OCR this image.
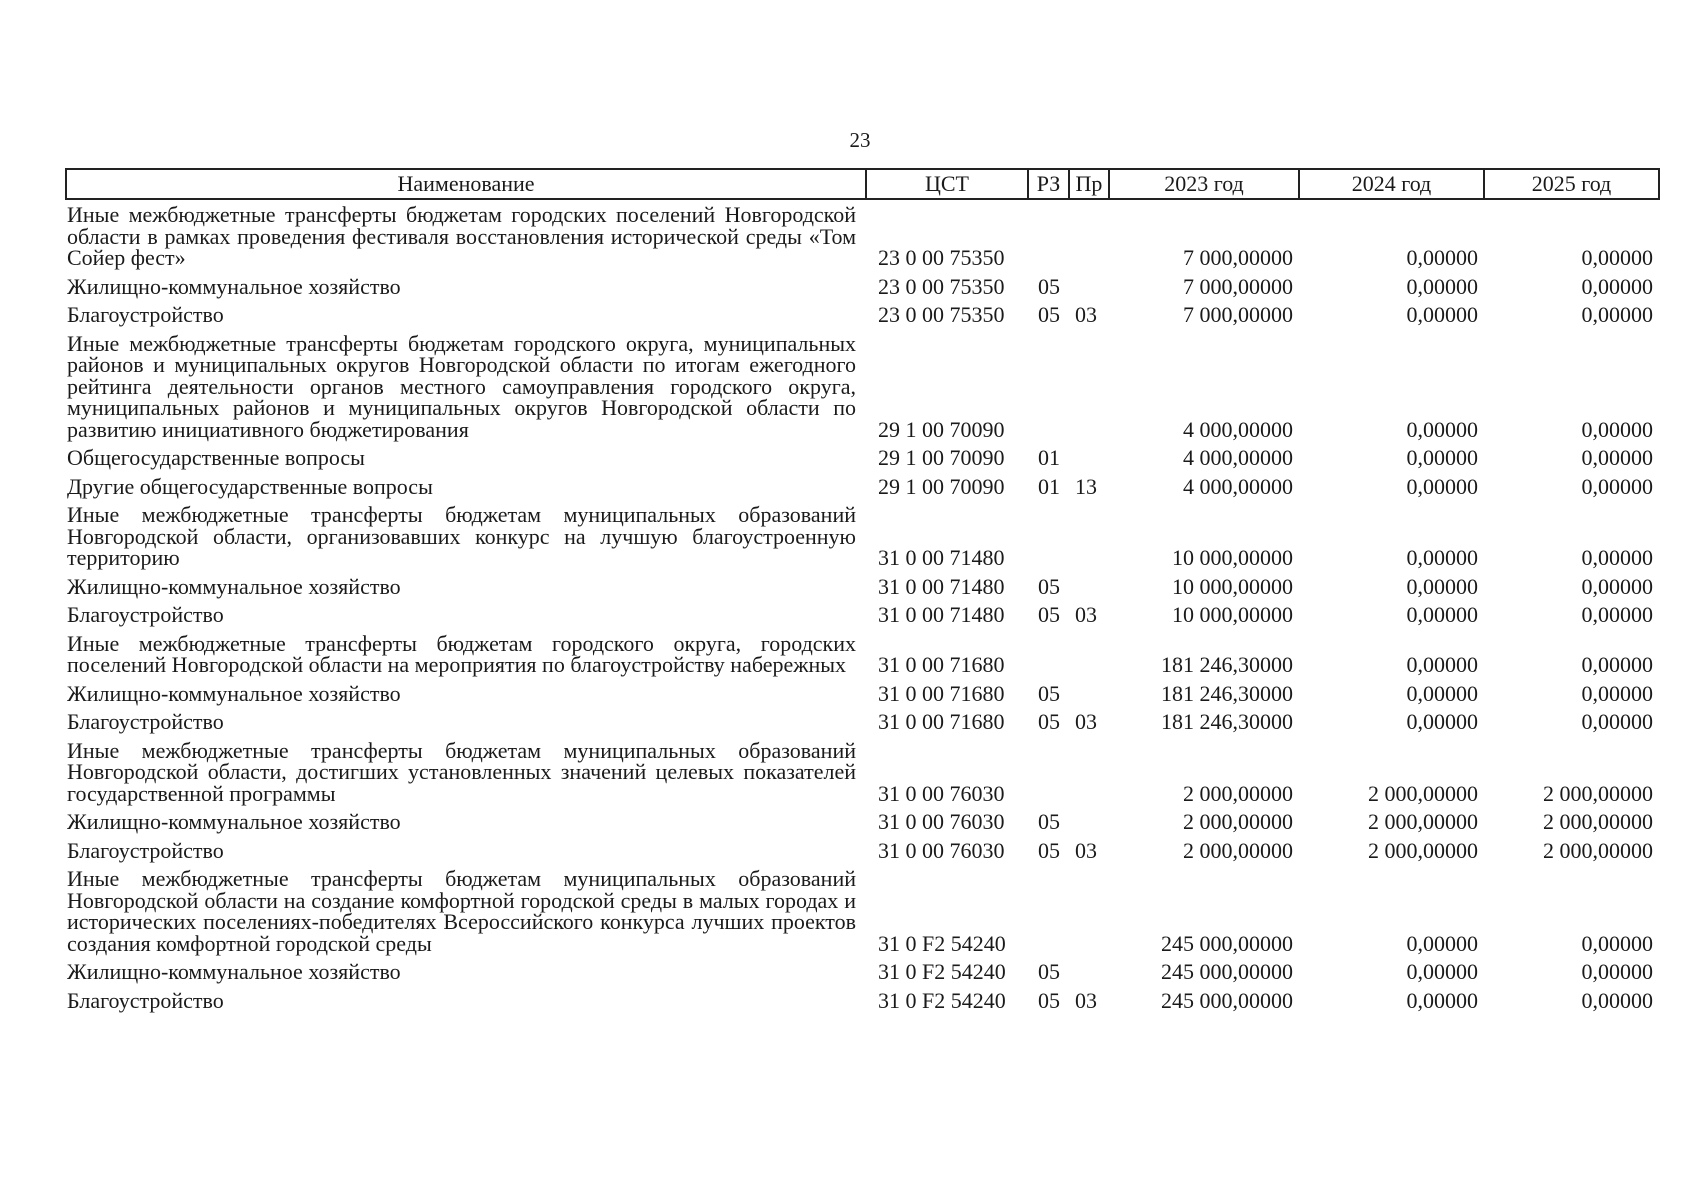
23
Наименование	ЦСТ	РЗ	Пр	2023 год	2024 год	2025 год
Иные межбюджетные трансферты бюджетам городских поселений Новгородской области в рамках проведения фестиваля восстановления исторической среды «Том Сойер фест»	23 0 00 75350			7 000,00000	0,00000	0,00000
Жилищно-коммунальное хозяйство	23 0 00 75350	05		7 000,00000	0,00000	0,00000
Благоустройство	23 0 00 75350	05	03	7 000,00000	0,00000	0,00000
Иные межбюджетные трансферты бюджетам городского округа, муниципальных районов и муниципальных округов Новгородской области по итогам ежегодного рейтинга деятельности органов местного самоуправления городского округа, муниципальных районов и муниципальных округов Новгородской области по развитию инициативного бюджетирования	29 1 00 70090			4 000,00000	0,00000	0,00000
Общегосударственные вопросы	29 1 00 70090	01		4 000,00000	0,00000	0,00000
Другие общегосударственные вопросы	29 1 00 70090	01	13	4 000,00000	0,00000	0,00000
Иные межбюджетные трансферты бюджетам муниципальных образований Новгородской области, организовавших конкурс на лучшую благоустроенную территорию	31 0 00 71480			10 000,00000	0,00000	0,00000
Жилищно-коммунальное хозяйство	31 0 00 71480	05		10 000,00000	0,00000	0,00000
Благоустройство	31 0 00 71480	05	03	10 000,00000	0,00000	0,00000
Иные межбюджетные трансферты бюджетам городского округа, городских поселений Новгородской области на мероприятия по благоустройству набережных	31 0 00 71680			181 246,30000	0,00000	0,00000
Жилищно-коммунальное хозяйство	31 0 00 71680	05		181 246,30000	0,00000	0,00000
Благоустройство	31 0 00 71680	05	03	181 246,30000	0,00000	0,00000
Иные межбюджетные трансферты бюджетам муниципальных образований Новгородской области, достигших установленных значений целевых показателей государственной программы	31 0 00 76030			2 000,00000	2 000,00000	2 000,00000
Жилищно-коммунальное хозяйство	31 0 00 76030	05		2 000,00000	2 000,00000	2 000,00000
Благоустройство	31 0 00 76030	05	03	2 000,00000	2 000,00000	2 000,00000
Иные межбюджетные трансферты бюджетам муниципальных образований Новгородской области на создание комфортной городской среды в малых городах и исторических поселениях-победителях Всероссийского конкурса лучших проектов создания комфортной городской среды	31 0 F2 54240			245 000,00000	0,00000	0,00000
Жилищно-коммунальное хозяйство	31 0 F2 54240	05		245 000,00000	0,00000	0,00000
Благоустройство	31 0 F2 54240	05	03	245 000,00000	0,00000	0,00000
